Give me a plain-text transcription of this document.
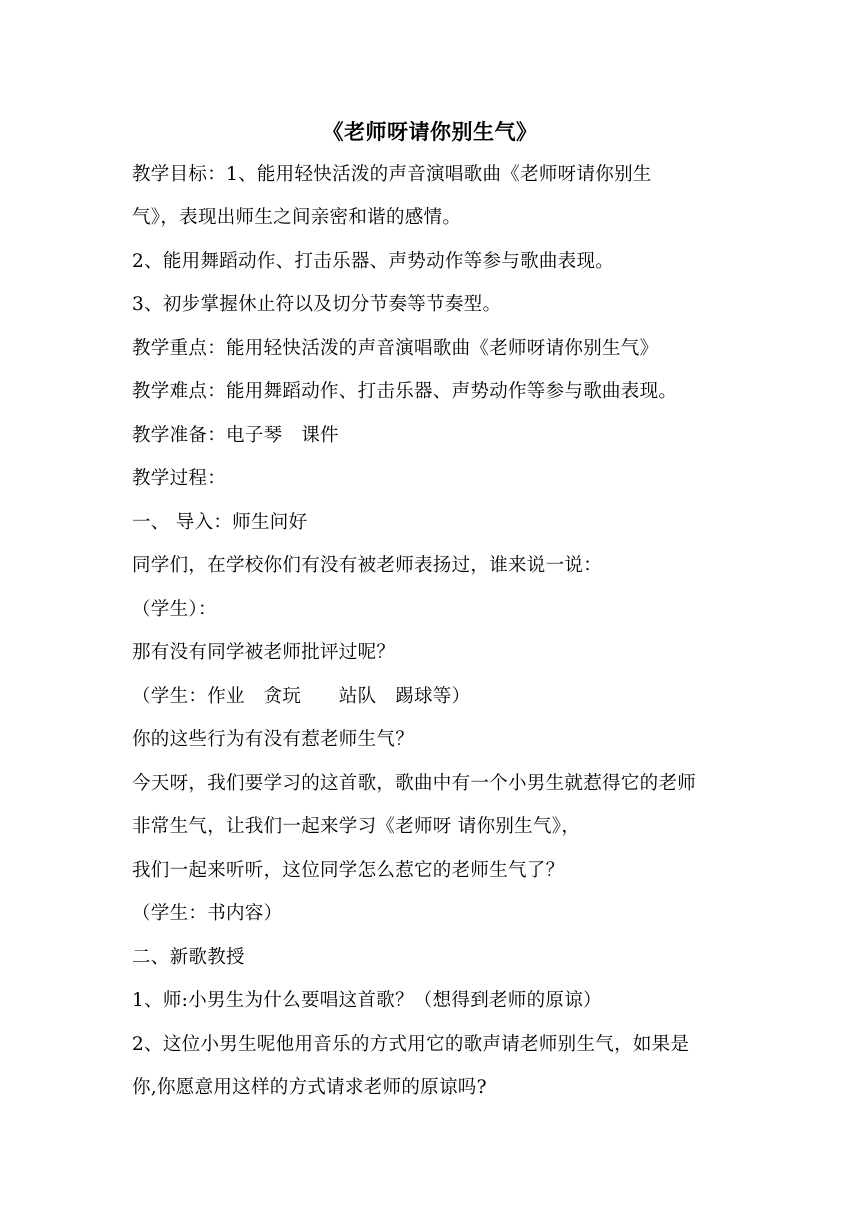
《老师呀请你别生气》
教学目标：1、能用轻快活泼的声音演唱歌曲《老师呀请你别生
气》，表现出师生之间亲密和谐的感情。
2、能用舞蹈动作、打击乐器、声势动作等参与歌曲表现。
3、初步掌握休止符以及切分节奏等节奏型。
教学重点：能用轻快活泼的声音演唱歌曲《老师呀请你别生气》
教学难点：能用舞蹈动作、打击乐器、声势动作等参与歌曲表现。
教学准备：电子琴　课件
教学过程：
一、 导入：师生问好
同学们，在学校你们有没有被老师表扬过，谁来说一说：
（学生）：
那有没有同学被老师批评过呢？
（学生：作业　贪玩　　站队　踢球等）
你的这些行为有没有惹老师生气？
今天呀，我们要学习的这首歌，歌曲中有一个小男生就惹得它的老师
非常生气，让我们一起来学习《老师呀 请你别生气》，
我们一起来听听，这位同学怎么惹它的老师生气了？
（学生：书内容）
二、新歌教授
1、师:小男生为什么要唱这首歌？（想得到老师的原谅）
2、这位小男生呢他用音乐的方式用它的歌声请老师别生气，如果是
你,你愿意用这样的方式请求老师的原谅吗?
